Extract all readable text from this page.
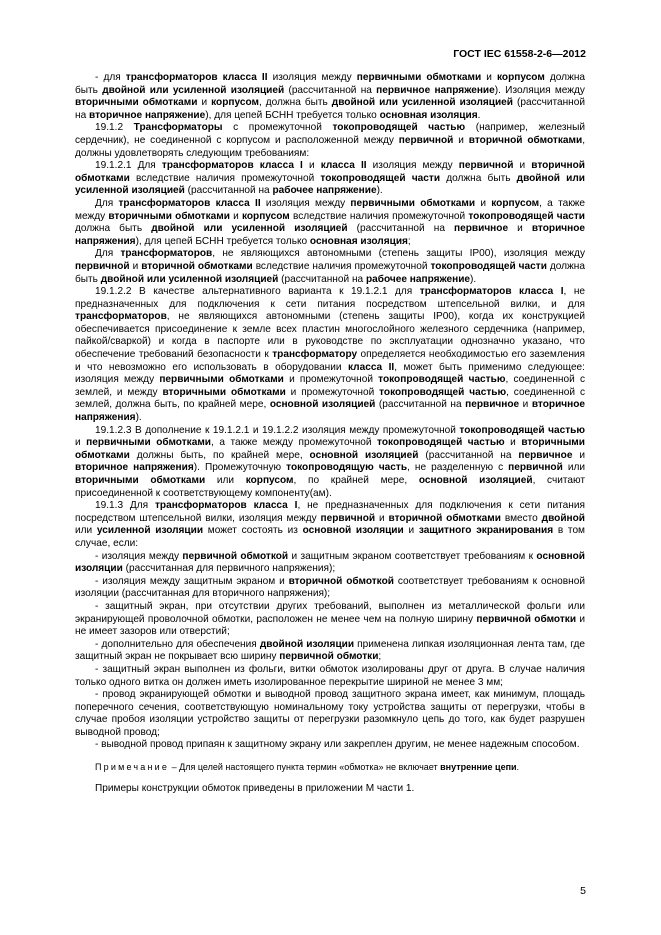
ГОСТ IEC 61558-2-6—2012

- для трансформаторов класса II изоляция между первичными обмотками и корпусом должна быть двойной или усиленной изоляцией (рассчитанной на первичное напряжение). Изоляция между вторичными обмотками и корпусом, должна быть двойной или усиленной изоляцией (рассчитанной на вторичное напряжение), для цепей БСНН требуется только основная изоляция.

19.1.2 Трансформаторы с промежуточной токопроводящей частью (например, железный сердечник), не соединенной с корпусом и расположенной между первичной и вторичной обмотками, должны удовлетворять следующим требованиям:

19.1.2.1 Для трансформаторов класса I и класса II изоляция между первичной и вторичной обмотками вследствие наличия промежуточной токопроводящей части должна быть двойной или усиленной изоляцией (рассчитанной на рабочее напряжение).

Для трансформаторов класса II изоляция между первичными обмотками и корпусом, а также между вторичными обмотками и корпусом вследствие наличия промежуточной токопроводящей части должна быть двойной или усиленной изоляцией (рассчитанной на первичное и вторичное напряжения), для цепей БСНН требуется только основная изоляция;

Для трансформаторов, не являющихся автономными (степень защиты IP00), изоляция между первичной и вторичной обмотками вследствие наличия промежуточной токопроводящей части должна быть двойной или усиленной изоляцией (рассчитанной на рабочее напряжение).

19.1.2.2 В качестве альтернативного варианта к 19.1.2.1 для трансформаторов класса I, не предназначенных для подключения к сети питания посредством штепсельной вилки, и для трансформаторов, не являющихся автономными (степень защиты IP00), когда их конструкцией обеспечивается присоединение к земле всех пластин многослойного железного сердечника (например, пайкой/сваркой) и когда в паспорте или в руководстве по эксплуатации однозначно указано, что обеспечение требований безопасности к трансформатору определяется необходимостью его заземления и что невозможно его использовать в оборудовании класса II, может быть применимо следующее: изоляция между первичными обмотками и промежуточной токопроводящей частью, соединенной с землей, и между вторичными обмотками и промежуточной токопроводящей частью, соединенной с землей, должна быть, по крайней мере, основной изоляцией (рассчитанной на первичное и вторичное напряжения).

19.1.2.3 В дополнение к 19.1.2.1 и 19.1.2.2 изоляция между промежуточной токопроводящей частью и первичными обмотками, а также между промежуточной токопроводящей частью и вторичными обмотками должны быть, по крайней мере, основной изоляцией (рассчитанной на первичное и вторичное напряжения). Промежуточную токопроводящую часть, не разделенную с первичной или вторичными обмотками или корпусом, по крайней мере, основной изоляцией, считают присоединенной к соответствующему компоненту(ам).

19.1.3 Для трансформаторов класса I, не предназначенных для подключения к сети питания посредством штепсельной вилки, изоляция между первичной и вторичной обмотками вместо двойной или усиленной изоляции может состоять из основной изоляции и защитного экранирования в том случае, если:

- изоляция между первичной обмоткой и защитным экраном соответствует требованиям к основной изоляции (рассчитанная для первичного напряжения);

- изоляция между защитным экраном и вторичной обмоткой соответствует требованиям к основной изоляции (рассчитанная для вторичного напряжения);

- защитный экран, при отсутствии других требований, выполнен из металлической фольги или экранирующей проволочной обмотки, расположен не менее чем на полную ширину первичной обмотки и не имеет зазоров или отверстий;

- дополнительно для обеспечения двойной изоляции применена липкая изоляционная лента там, где защитный экран не покрывает всю ширину первичной обмотки;

- защитный экран выполнен из фольги, витки обмоток изолированы друг от друга. В случае наличия только одного витка он должен иметь изолированное перекрытие шириной не менее 3 мм;

- провод экранирующей обмотки и выводной провод защитного экрана имеет, как минимум, площадь поперечного сечения, соответствующую номинальному току устройства защиты от перегрузки, чтобы в случае пробоя изоляции устройство защиты от перегрузки разомкнуло цепь до того, как будет разрушен выводной провод;

- выводной провод припаян к защитному экрану или закреплен другим, не менее надежным способом.

Примечание – Для целей настоящего пункта термин «обмотка» не включает внутренние цепи.

Примеры конструкции обмоток приведены в приложении М части 1.

5
